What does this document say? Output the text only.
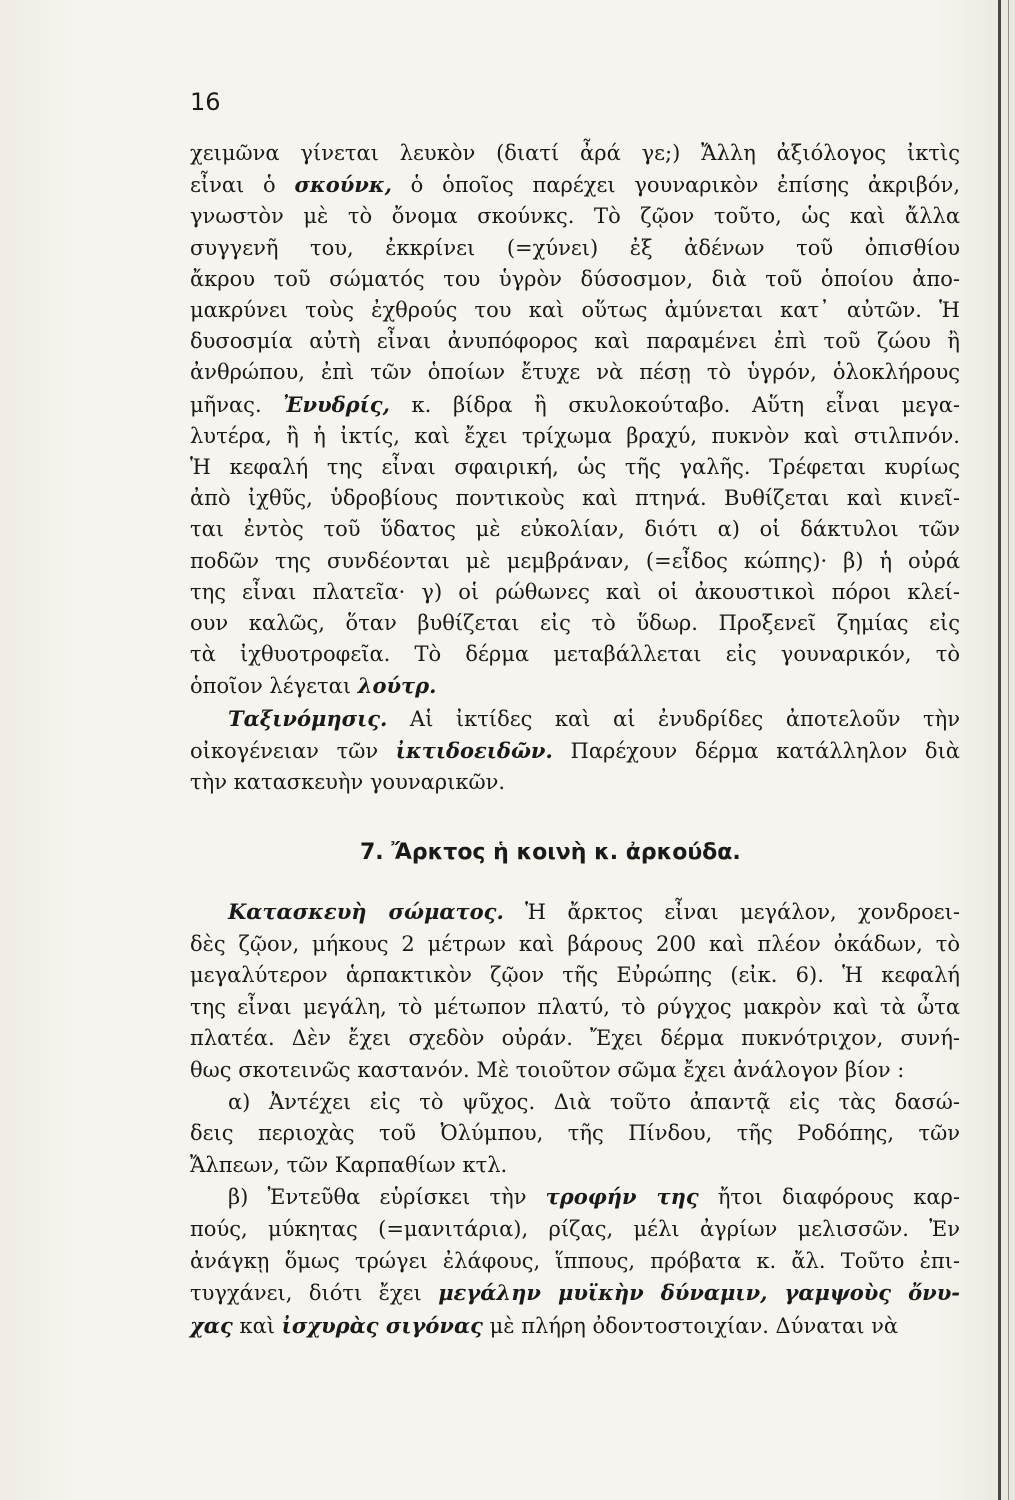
16
χειμῶνα γίνεται λευκὸν (διατί ἆρά γε;) Ἄλλη ἀξιόλογος ἰκτὶς
εἶναι ὁ σκούνκ, ὁ ὁποῖος παρέχει γουναρικὸν ἐπίσης ἀκριβόν,
γνωστὸν μὲ τὸ ὄνομα σκούνκς. Τὸ ζῷον τοῦτο, ὡς καὶ ἄλλα
συγγενῆ του, ἐκκρίνει (=χύνει) ἐξ ἀδένων τοῦ ὀπισθίου
ἄκρου τοῦ σώματός του ὑγρὸν δύσοσμον, διὰ τοῦ ὁποίου ἀπο-
μακρύνει τοὺς ἐχθρούς του καὶ οὕτως ἀμύνεται κατ᾽ αὐτῶν. Ἡ
δυσοσμία αὐτὴ εἶναι ἀνυπόφορος καὶ παραμένει ἐπὶ τοῦ ζώου ἢ
ἀνθρώπου, ἐπὶ τῶν ὁποίων ἔτυχε νὰ πέσῃ τὸ ὑγρόν, ὁλοκλήρους
μῆνας. Ἐνυδρίς, κ. βίδρα ἢ σκυλοκούταβο. Αὕτη εἶναι μεγα-
λυτέρα, ἢ ἡ ἰκτίς, καὶ ἔχει τρίχωμα βραχύ, πυκνὸν καὶ στιλπνόν.
Ἡ κεφαλή της εἶναι σφαιρική, ὡς τῆς γαλῆς. Τρέφεται κυρίως
ἀπὸ ἰχθῦς, ὑδροβίους ποντικοὺς καὶ πτηνά. Βυθίζεται καὶ κινεῖ-
ται ἐντὸς τοῦ ὕδατος μὲ εὐκολίαν, διότι α) οἱ δάκτυλοι τῶν
ποδῶν της συνδέονται μὲ μεμβράναν, (=εἶδος κώπης)· β) ἡ οὐρά
της εἶναι πλατεῖα· γ) οἱ ρώθωνες καὶ οἱ ἀκουστικοὶ πόροι κλεί-
ουν καλῶς, ὅταν βυθίζεται εἰς τὸ ὕδωρ. Προξενεῖ ζημίας εἰς
τὰ ἰχθυοτροφεῖα. Τὸ δέρμα μεταβάλλεται εἰς γουναρικόν, τὸ
ὁποῖον λέγεται λούτρ.
Ταξινόμησις. Αἱ ἰκτίδες καὶ αἱ ἐνυδρίδες ἀποτελοῦν τὴν
οἰκογένειαν τῶν ἰκτιδοειδῶν. Παρέχουν δέρμα κατάλληλον διὰ
τὴν κατασκευὴν γουναρικῶν.
7. Ἄρκτος ἡ κοινὴ κ. ἀρκούδα.
Κατασκευὴ σώματος. Ἡ ἄρκτος εἶναι μεγάλον, χονδροει-
δὲς ζῷον, μήκους 2 μέτρων καὶ βάρους 200 καὶ πλέον ὀκάδων, τὸ
μεγαλύτερον ἁρπακτικὸν ζῷον τῆς Εὐρώπης (εἰκ. 6). Ἡ κεφαλή
της εἶναι μεγάλη, τὸ μέτωπον πλατύ, τὸ ρύγχος μακρὸν καὶ τὰ ὦτα
πλατέα. Δὲν ἔχει σχεδὸν οὐράν. Ἔχει δέρμα πυκνότριχον, συνή-
θως σκοτεινῶς καστανόν. Μὲ τοιοῦτον σῶμα ἔχει ἀνάλογον βίον :
α) Ἀντέχει εἰς τὸ ψῦχος. Διὰ τοῦτο ἀπαντᾷ εἰς τὰς δασώ-
δεις περιοχὰς τοῦ Ὀλύμπου, τῆς Πίνδου, τῆς Ροδόπης, τῶν
Ἄλπεων, τῶν Καρπαθίων κτλ.
β) Ἐντεῦθα εὑρίσκει τὴν τροφήν της ἤτοι διαφόρους καρ-
πούς, μύκητας (=μανιτάρια), ρίζας, μέλι ἀγρίων μελισσῶν. Ἐν
ἀνάγκῃ ὅμως τρώγει ἐλάφους, ἵππους, πρόβατα κ. ἄλ. Τοῦτο ἐπι-
τυγχάνει, διότι ἔχει μεγάλην μυϊκὴν δύναμιν, γαμψοὺς ὄνυ-
χας καὶ ἰσχυρὰς σιγόνας μὲ πλήρη ὀδοντοστοιχίαν. Δύναται νὰ
